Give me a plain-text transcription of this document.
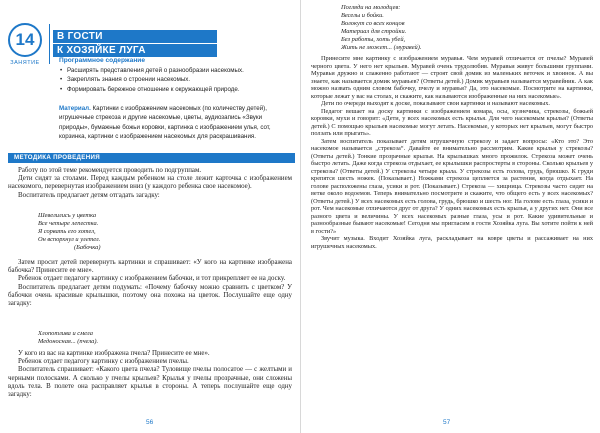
14
ЗАНЯТИЕ
В ГОСТИ
К ХОЗЯЙКЕ ЛУГА
Программное содержание
• Расширять представления детей о разнообразии насекомых.
• Закреплять знания о строении насекомых.
• Формировать бережное отношение к окружающей природе.
Материал. Картинки с изображением насекомых (по количеству детей), игрушечные стрекоза и другие насекомые, цветы, аудиозапись «Звуки природы», бумажные божьи коровки, картинка с изображением улья, сот, корзинка, картинки с изображением насекомых для раскрашивания.
МЕТОДИКА ПРОВЕДЕНИЯ

Работу по этой теме рекомендуется проводить по подгруппам.

Дети сидят за столами. Перед каждым ребенком на столе лежит карточка с изображением насекомого, перевернутая изображением вниз (у каждого ребенка свое насекомое).

Воспитатель предлагает детям отгадать загадку:

Шевелились у цветка
Все четыре лепестка.
Я сорвать его хотел,
Он вспорхнул и улетел.
(Бабочка)

Затем просит детей перевернуть картинки и спрашивает: «У кого на картинке изображена бабочка? Принесите ее мне».

Ребенок отдает педагогу картинку с изображением бабочки, и тот прикрепляет ее на доску.

Воспитатель предлагает детям подумать: «Почему бабочку можно сравнить с цветком? У бабочки очень красивые крылышки, поэтому она похожа на цветок. Послушайте еще одну загадку:

Хлопотлива и смела
Медоносная... (пчела).

У кого из вас на картинке изображена пчела? Принесите ее мне».

Ребенок отдает педагогу картинку с изображением пчелы.

Воспитатель спрашивает: «Какого цвета пчела? Туловище пчелы полосатое — с желтыми и черными полосками. А сколько у пчелы крыльев? Крылья у пчелы прозрачные, они сложены вдоль тела. В полете она расправляет крылья в стороны. А теперь послушайте еще одну загадку:

56
Погляди на молодцев:
Веселы и бойки.
Волокут со всех концов
Материал для стройки.
Без работы, хоть убей,
Жить не может... (муравей).

Принесите мне картинку с изображением муравья. Чем муравей отличается от пчелы? Муравей черного цвета. У него нет крыльев. Муравей очень трудолюбив. Муравьи живут большими группами. Муравьи дружно и слаженно работают — строят свой домик из маленьких веточек и хвоинок. А вы знаете, как называется домик муравьев? (Ответы детей.) Домик муравьев называется муравейник. А как можно назвать одним словом бабочку, пчелу и муравья? Да, это насекомые. Посмотрите на картинки, которые лежат у вас на столах, и скажите, как называются изображенные на них насекомые».

Дети по очереди выходят к доске, показывают свои картинки и называют насекомых.

Педагог вешает на доску картинки с изображением комара, осы, кузнечика, стрекозы, божьей коровки, мухи и говорит: «Дети, у всех насекомых есть крылья. Для чего насекомым крылья? (Ответы детей.) С помощью крыльев насекомые могут летать. Насекомые, у которых нет крыльев, могут быстро ползать или прыгать».

Затем воспитатель показывает детям игрушечную стрекозу и задает вопросы: «Кто это? Это насекомое называется „стрекоза“. Давайте ее внимательно рассмотрим. Какие крылья у стрекозы? (Ответы детей.) Тонкие прозрачные крылья. На крылышках много прожилок. Стрекоза может очень быстро летать. Даже когда стрекоза отдыхает, ее крылышки распростерты в стороны. Сколько крыльев у стрекозы? (Ответы детей.) У стрекозы четыре крыла. У стрекозы есть голова, грудь, брюшко. К груди крепятся шесть ножек. (Показывает.) Ножками стрекоза цепляется за растения, когда отдыхает. На голове расположены глаза, усики и рот. (Показывает.) Стрекоза — хищница. Стрекозы часто сидят на ветке около водоемов. Теперь внимательно посмотрите и скажите, что общего есть у всех насекомых? (Ответы детей.) У всех насекомых есть голова, грудь, брюшко и шесть ног. На голове есть глаза, усики и рот. Чем насекомые отличаются друг от друга? У одних насекомых есть крылья, а у других нет. Они все разного цвета и величины. У всех насекомых разные глаза, усы и рот. Какие удивительные и разнообразные бывают насекомые! Сегодня мы пригласим в гости Хозяйка луга. Вы хотите пойти к ней в гости?»

Звучит музыка. Входит Хозяйка луга, раскладывает на ковре цветы и рассаживает на них игрушечных насекомых.

57
